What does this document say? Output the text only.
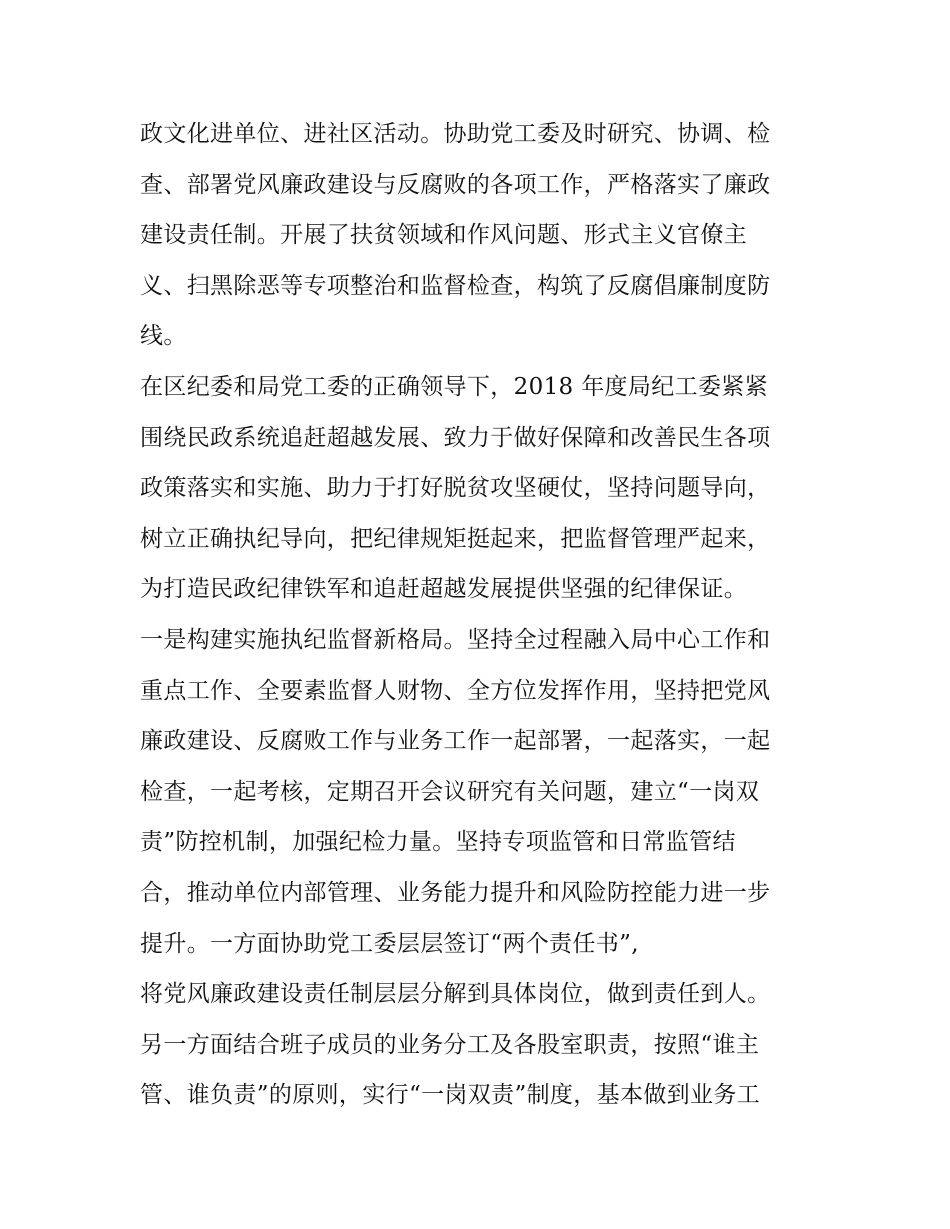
政文化进单位、进社区活动。协助党工委及时研究、协调、检
查、部署党风廉政建设与反腐败的各项工作，严格落实了廉政
建设责任制。开展了扶贫领域和作风问题、形式主义官僚主
义、扫黑除恶等专项整治和监督检查，构筑了反腐倡廉制度防
线。
在区纪委和局党工委的正确领导下，2018 年度局纪工委紧紧
围绕民政系统追赶超越发展、致力于做好保障和改善民生各项
政策落实和实施、助力于打好脱贫攻坚硬仗，坚持问题导向，
树立正确执纪导向，把纪律规矩挺起来，把监督管理严起来，
为打造民政纪律铁军和追赶超越发展提供坚强的纪律保证。
一是构建实施执纪监督新格局。坚持全过程融入局中心工作和
重点工作、全要素监督人财物、全方位发挥作用，坚持把党风
廉政建设、反腐败工作与业务工作一起部署，一起落实，一起
检查，一起考核，定期召开会议研究有关问题，建立“一岗双
责”防控机制，加强纪检力量。坚持专项监管和日常监管结
合，推动单位内部管理、业务能力提升和风险防控能力进一步
提升。一方面协助党工委层层签订“两个责任书”,
将党风廉政建设责任制层层分解到具体岗位，做到责任到人。
另一方面结合班子成员的业务分工及各股室职责，按照“谁主
管、谁负责”的原则，实行“一岗双责”制度，基本做到业务工
